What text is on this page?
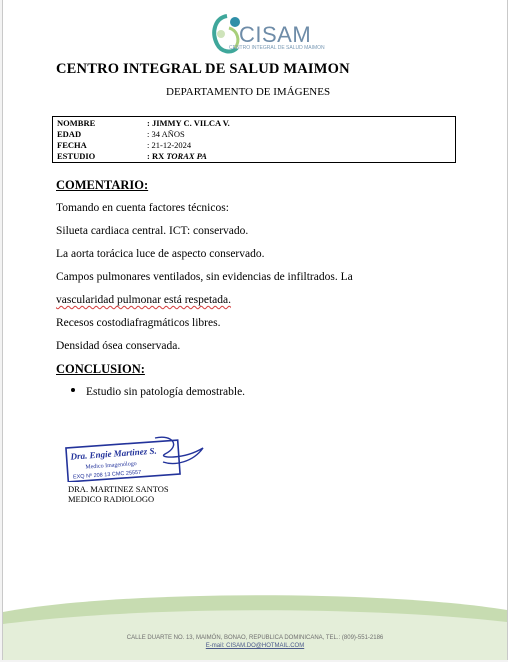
CISAM
CENTRO INTEGRAL DE SALUD MAIMON
CENTRO INTEGRAL DE SALUD MAIMON
DEPARTAMENTO DE IMÁGENES
NOMBRE	: JIMMY C. VILCA V.
EDAD	: 34 AÑOS
FECHA	: 21-12-2024
ESTUDIO	: RX TORAX PA
COMENTARIO:
Tomando en cuenta factores técnicos:
Silueta cardiaca central. ICT: conservado.
La aorta torácica luce de aspecto conservado.
Campos pulmonares ventilados, sin evidencias de infiltrados. La
vascularidad pulmonar está respetada.
Recesos costodiafragmáticos libres.
Densidad ósea conservada.
CONCLUSION:
Estudio sin patología demostrable.
Dra. Engie Martinez S.
Medico Imagenólogo
EXQ Nº 208 13 CMC 25557
DRA. MARTINEZ SANTOS
MEDICO RADIOLOGO
CALLE DUARTE NO. 13, MAIMÓN, BONAO, REPUBLICA DOMINICANA, TEL.: (809)-551-2186
E-mail: CISAM.DO@HOTMAIL.COM
